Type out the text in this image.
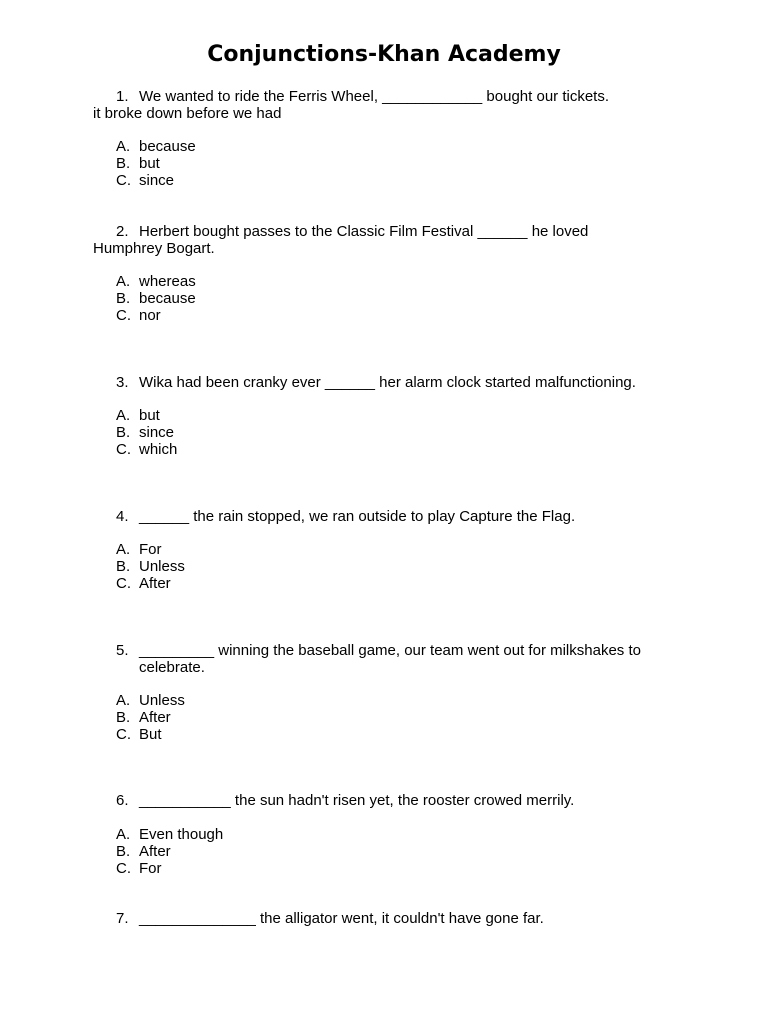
Conjunctions-Khan Academy
1. We wanted to ride the Ferris Wheel, ____________ bought our tickets.
it broke down before we had
A. because
B. but
C. since
2. Herbert bought passes to the Classic Film Festival ______ he loved
Humphrey Bogart.
A. whereas
B. because
C. nor
3. Wika had been cranky ever ______ her alarm clock started malfunctioning.
A. but
B. since
C. which
4. ______ the rain stopped, we ran outside to play Capture the Flag.
A. For
B. Unless
C. After
5. _________ winning the baseball game, our team went out for milkshakes to
celebrate.
A. Unless
B. After
C. But
6. ___________ the sun hadn't risen yet, the rooster crowed merrily.
A. Even though
B. After
C. For
7. ______________ the alligator went, it couldn't have gone far.
